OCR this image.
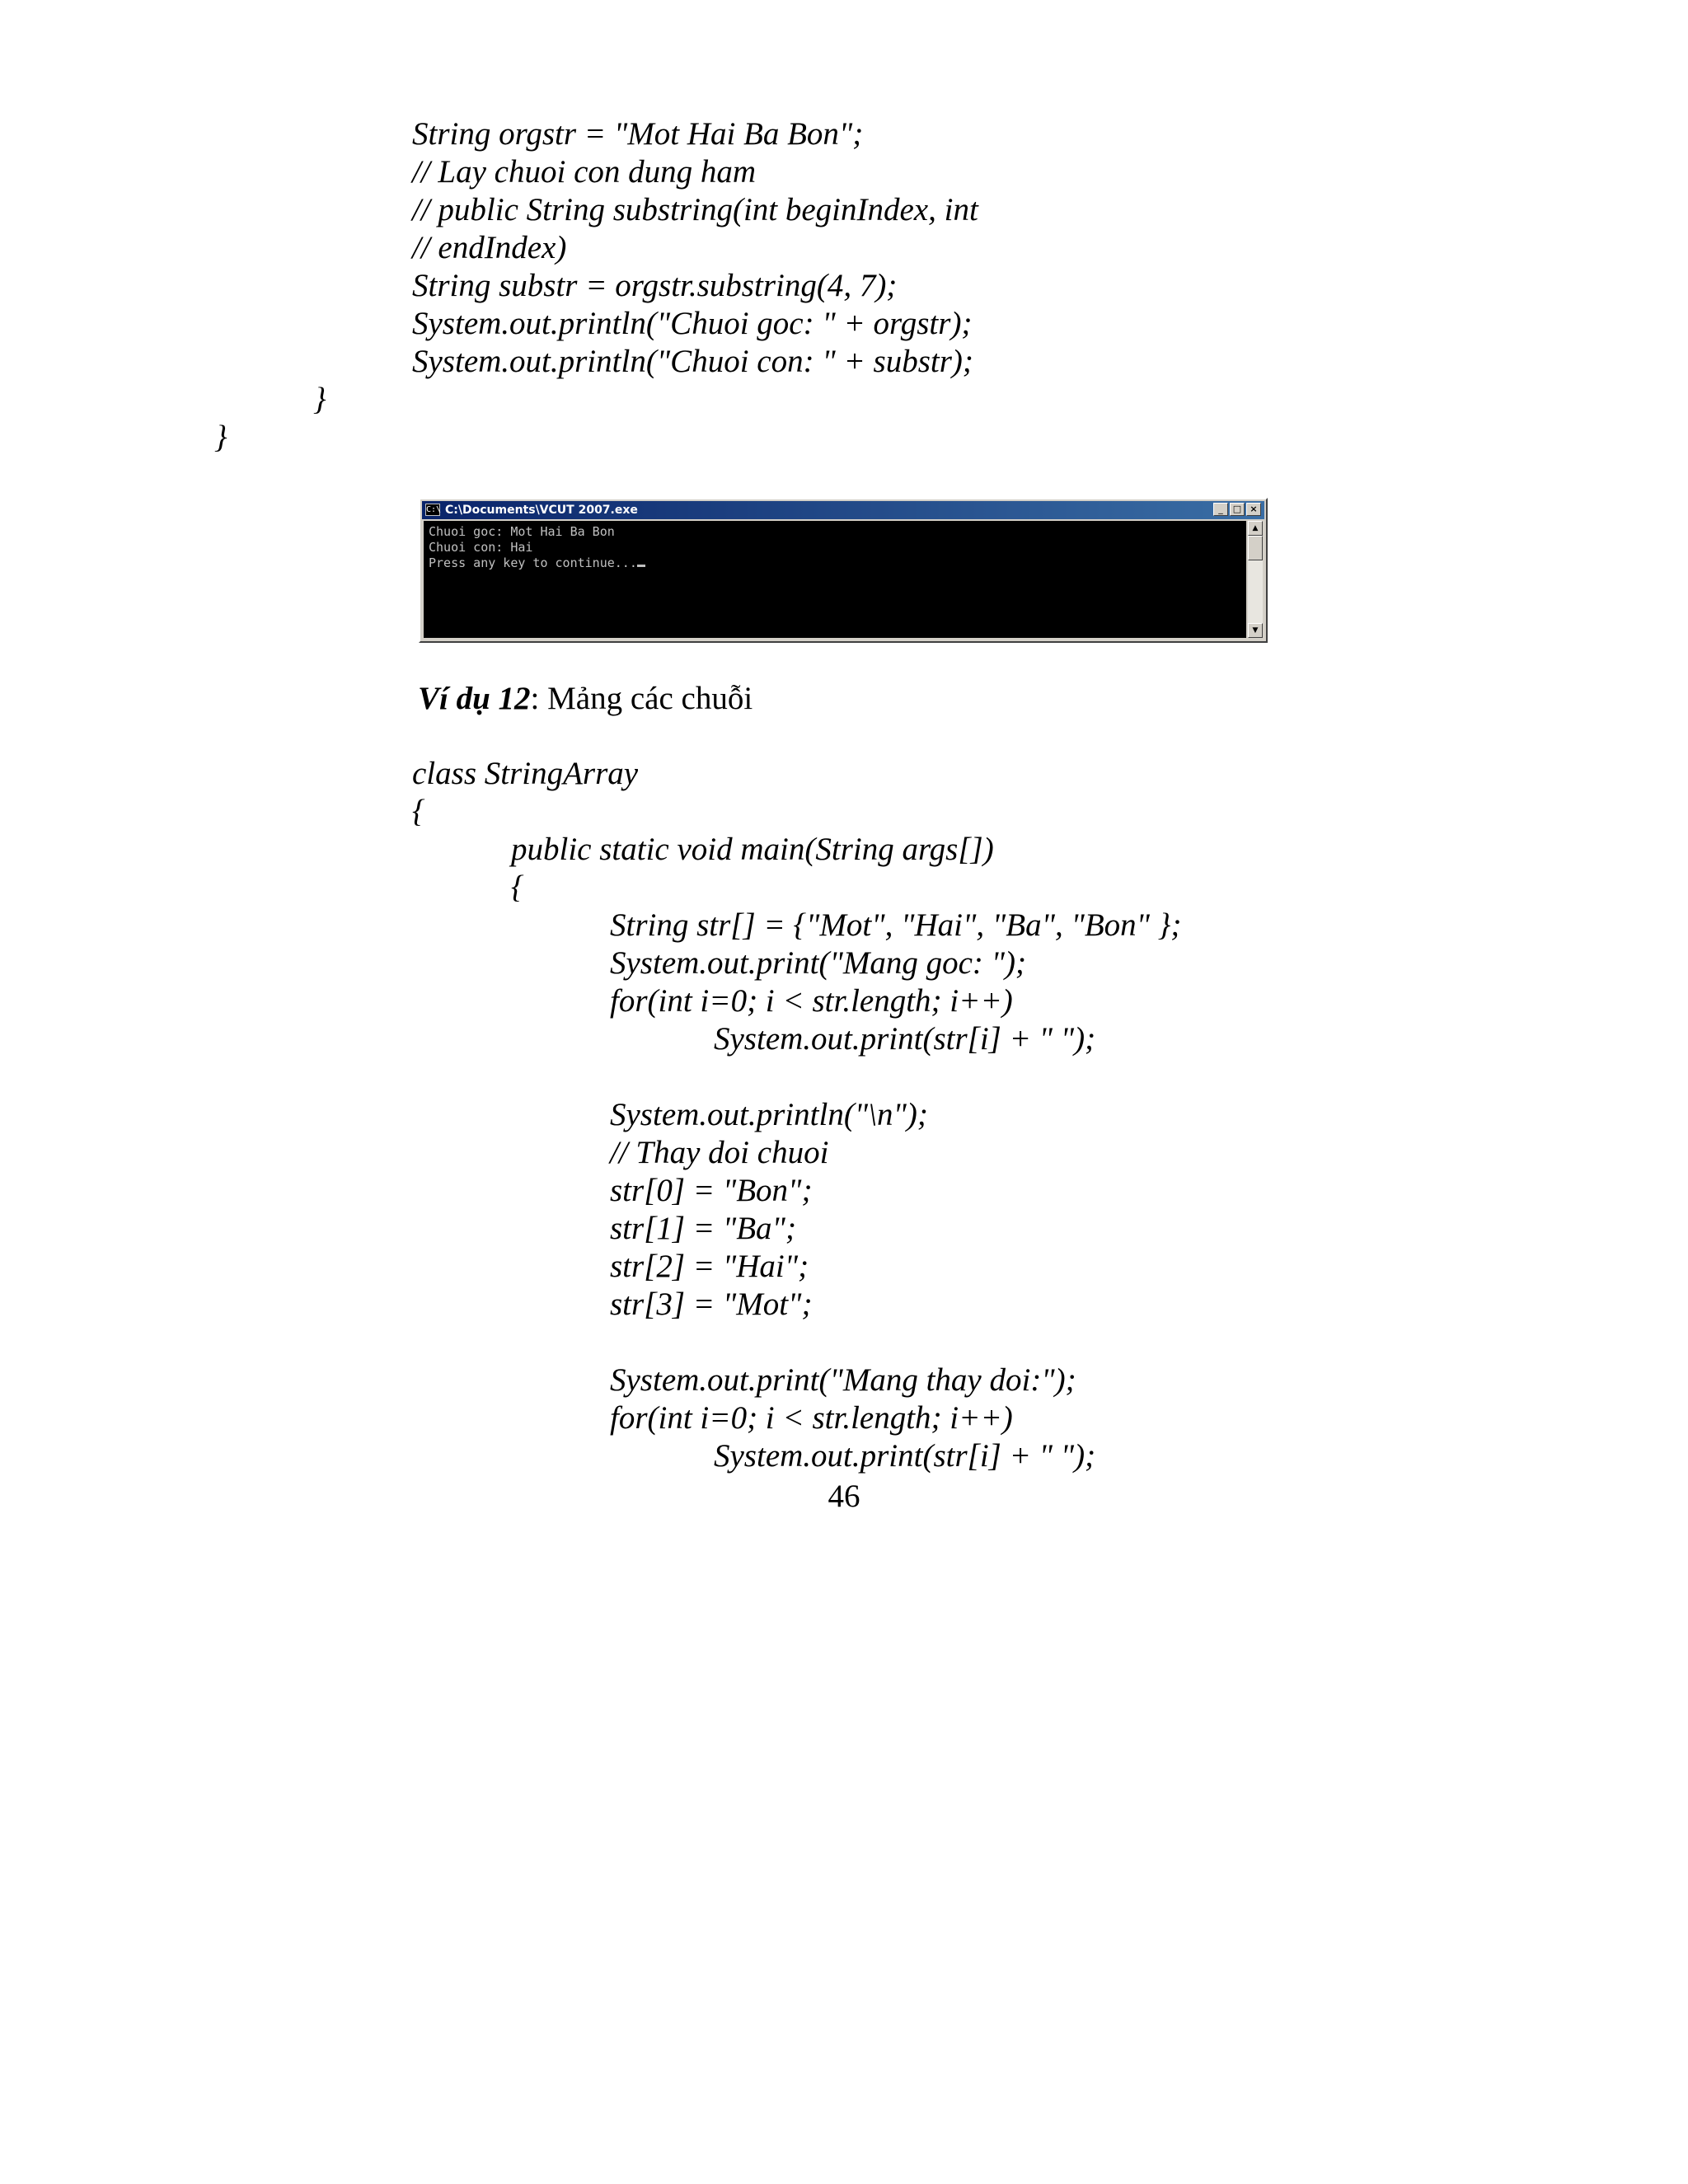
String orgstr = "Mot Hai Ba Bon";
// Lay chuoi con dung ham
// public String substring(int beginIndex, int
// endIndex)
String substr = orgstr.substring(4, 7);
System.out.println("Chuoi goc: " + orgstr);
System.out.println("Chuoi con: " + substr);
}
}
C:\ C:\Documents\VCUT 2007.exe	_	□ ×
Chuoi goc: Mot Hai Ba Bon
Chuoi con: Hai
Press any key to continue...
▲
▼
Ví dụ 12: Mảng các chuỗi
class StringArray
{
public static void main(String args[])
{
String str[] = {"Mot", "Hai", "Ba", "Bon" };
System.out.print("Mang goc: ");
for(int i=0; i < str.length; i++)
System.out.print(str[i] + " ");

System.out.println("\n");
// Thay doi chuoi
str[0] = "Bon";
str[1] = "Ba";
str[2] = "Hai";
str[3] = "Mot";

System.out.print("Mang thay doi:");
for(int i=0; i < str.length; i++)
System.out.print(str[i] + " ");
46
